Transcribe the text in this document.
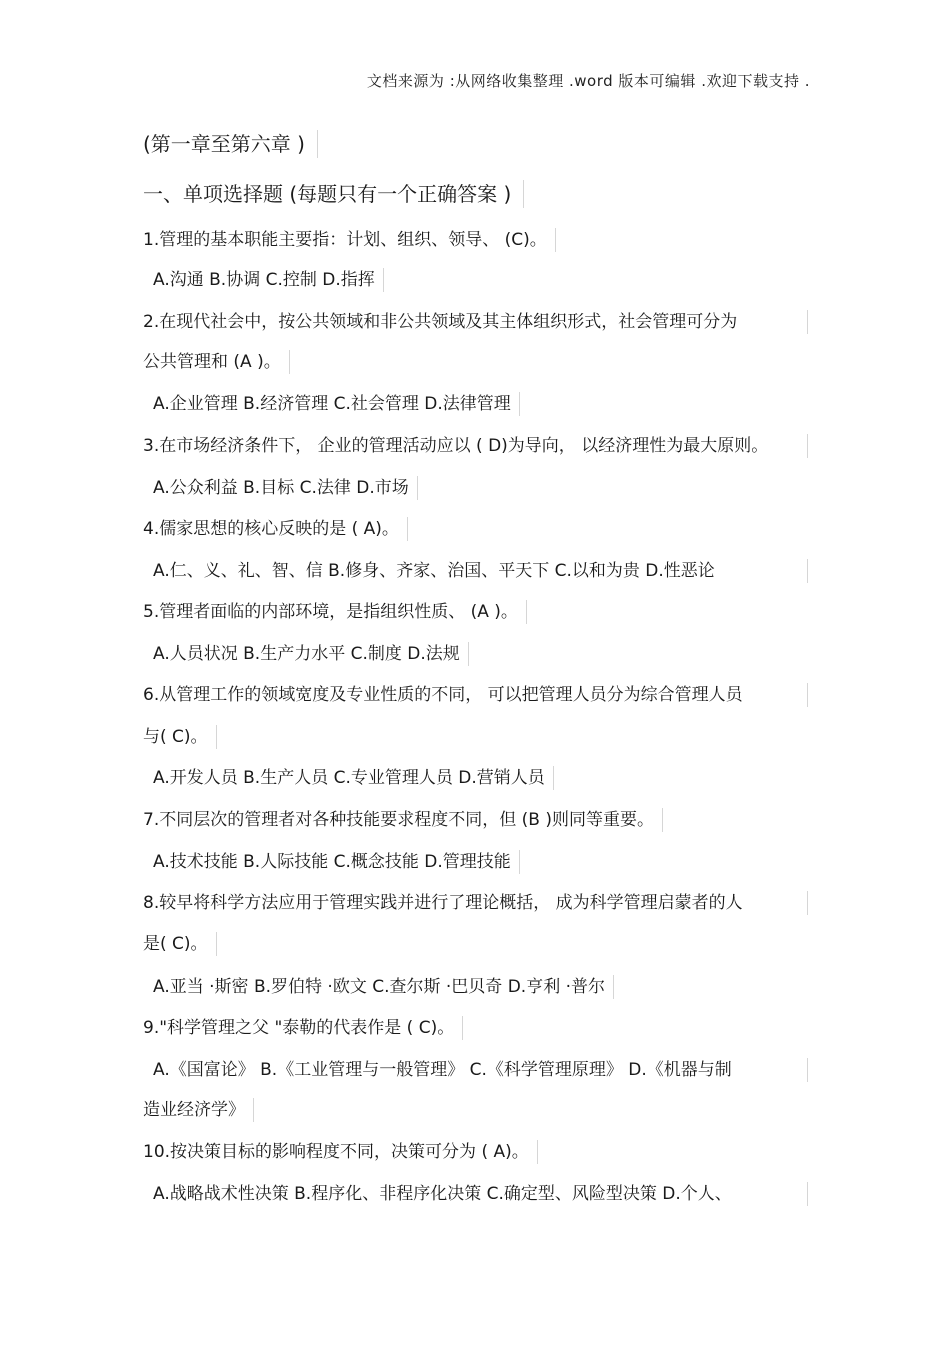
文档来源为 :从网络收集整理 .word 版本可编辑 .欢迎下载支持 .
(第一章至第六章 )
一、单项选择题 (每题只有一个正确答案 )
1.管理的基本职能主要指：计划、组织、领导、 (C)。
A.沟通 B.协调 C.控制 D.指挥
2.在现代社会中，按公共领域和非公共领域及其主体组织形式，社会管理可分为
公共管理和 (A )。
A.企业管理 B.经济管理 C.社会管理 D.法律管理
3.在市场经济条件下， 企业的管理活动应以 ( D)为导向， 以经济理性为最大原则。
A.公众利益 B.目标 C.法律 D.市场
4.儒家思想的核心反映的是 ( A)。
A.仁、义、礼、智、信 B.修身、齐家、治国、平天下 C.以和为贵 D.性恶论
5.管理者面临的内部环境，是指组织性质、 (A )。
A.人员状况 B.生产力水平 C.制度 D.法规
6.从管理工作的领域宽度及专业性质的不同， 可以把管理人员分为综合管理人员
与( C)。
A.开发人员 B.生产人员 C.专业管理人员 D.营销人员
7.不同层次的管理者对各种技能要求程度不同，但 (B )则同等重要。
A.技术技能 B.人际技能 C.概念技能 D.管理技能
8.较早将科学方法应用于管理实践并进行了理论概括， 成为科学管理启蒙者的人
是( C)。
A.亚当 ·斯密 B.罗伯特 ·欧文 C.查尔斯 ·巴贝奇 D.亨利 ·普尔
9."科学管理之父 "泰勒的代表作是 ( C)。
A.《国富论》 B.《工业管理与一般管理》 C.《科学管理原理》 D.《机器与制
造业经济学》
10.按决策目标的影响程度不同，决策可分为 ( A)。
A.战略战术性决策 B.程序化、非程序化决策 C.确定型、风险型决策 D.个人、
